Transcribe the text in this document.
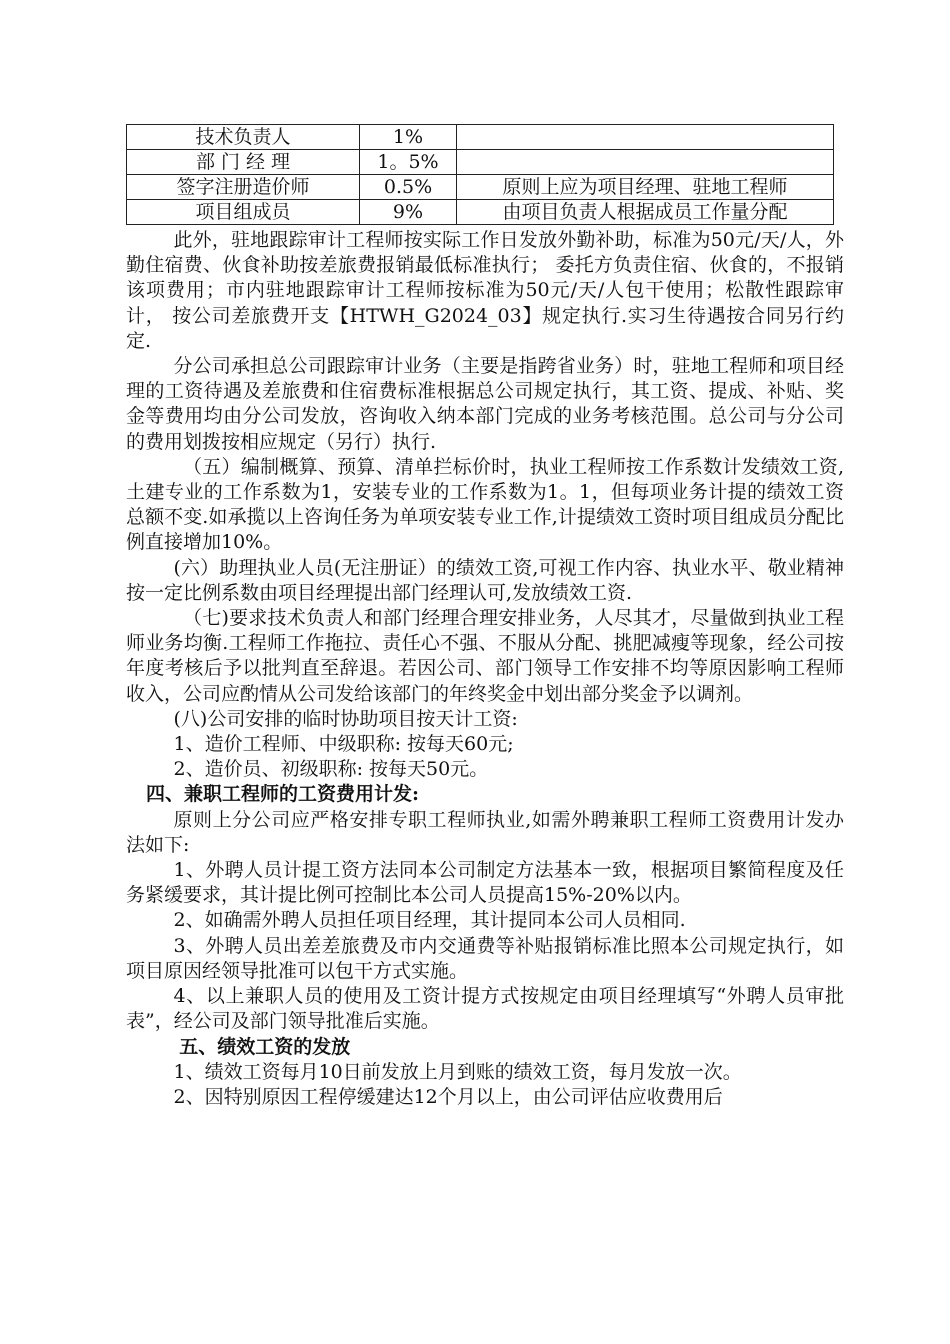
技术负责人	1%	
部 门 经 理	1。5%	
签字注册造价师	0.5%	原则上应为项目经理、驻地工程师
项目组成员	9%	由项目负责人根据成员工作量分配

此外，驻地跟踪审计工程师按实际工作日发放外勤补助，标准为50元/天/人，外勤住宿费、伙食补助按差旅费报销最低标准执行； 委托方负责住宿、伙食的，不报销该项费用；市内驻地跟踪审计工程师按标准为50元/天/人包干使用；松散性跟踪审计， 按公司差旅费开支【HTWH_G2024_03】规定执行.实习生待遇按合同另行约定.

分公司承担总公司跟踪审计业务（主要是指跨省业务）时，驻地工程师和项目经理的工资待遇及差旅费和住宿费标准根据总公司规定执行，其工资、提成、补贴、奖金等费用均由分公司发放，咨询收入纳本部门完成的业务考核范围。总公司与分公司的费用划拨按相应规定（另行）执行.

（五）编制概算、预算、清单拦标价时，执业工程师按工作系数计发绩效工资,土建专业的工作系数为1，安装专业的工作系数为1。1，但每项业务计提的绩效工资总额不变.如承揽以上咨询任务为单项安装专业工作,计提绩效工资时项目组成员分配比例直接增加10%。

(六）助理执业人员(无注册证）的绩效工资,可视工作内容、执业水平、敬业精神按一定比例系数由项目经理提出部门经理认可,发放绩效工资.

（七)要求技术负责人和部门经理合理安排业务，人尽其才，尽量做到执业工程师业务均衡.工程师工作拖拉、责任心不强、不服从分配、挑肥减瘦等现象，经公司按年度考核后予以批判直至辞退。若因公司、部门领导工作安排不均等原因影响工程师收入，公司应酌情从公司发给该部门的年终奖金中划出部分奖金予以调剂。

(八)公司安排的临时协助项目按天计工资:

1、造价工程师、中级职称: 按每天60元;

2、造价员、初级职称: 按每天50元。

四、兼职工程师的工资费用计发:

原则上分公司应严格安排专职工程师执业,如需外聘兼职工程师工资费用计发办法如下:

1、外聘人员计提工资方法同本公司制定方法基本一致，根据项目繁简程度及任务紧缓要求，其计提比例可控制比本公司人员提高15%-20%以内。

2、如确需外聘人员担任项目经理，其计提同本公司人员相同.

3、外聘人员出差差旅费及市内交通费等补贴报销标准比照本公司规定执行，如项目原因经领导批准可以包干方式实施。

4、以上兼职人员的使用及工资计提方式按规定由项目经理填写“外聘人员审批表”，经公司及部门领导批准后实施。

五、绩效工资的发放

1、绩效工资每月10日前发放上月到账的绩效工资，每月发放一次。

2、因特别原因工程停缓建达12个月以上，由公司评估应收费用后
